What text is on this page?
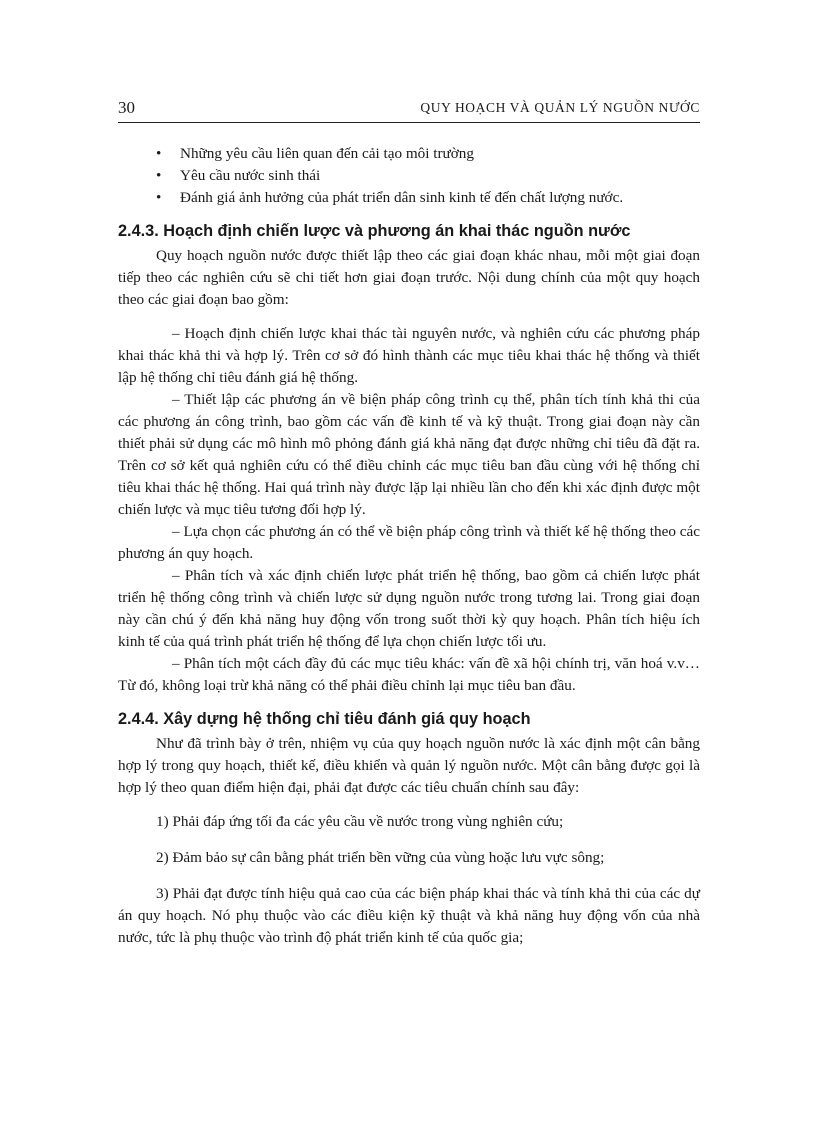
30	QUY HOẠCH VÀ QUẢN LÝ NGUỒN NƯỚC
• Những yêu cầu liên quan đến cải tạo môi trường
• Yêu cầu nước sinh thái
• Đánh giá ảnh hưởng của phát triển dân sinh kinh tế đến chất lượng nước.
2.4.3. Hoạch định chiến lược và phương án khai thác nguồn nước

Quy hoạch nguồn nước được thiết lập theo các giai đoạn khác nhau, mỗi một giai đoạn tiếp theo các nghiên cứu sẽ chi tiết hơn giai đoạn trước. Nội dung chính của một quy hoạch theo các giai đoạn bao gồm:

– Hoạch định chiến lược khai thác tài nguyên nước, và nghiên cứu các phương pháp khai thác khả thi và hợp lý. Trên cơ sở đó hình thành các mục tiêu khai thác hệ thống và thiết lập hệ thống chỉ tiêu đánh giá hệ thống.

– Thiết lập các phương án về biện pháp công trình cụ thể, phân tích tính khả thi của các phương án công trình, bao gồm các vấn đề kinh tế và kỹ thuật. Trong giai đoạn này cần thiết phải sử dụng các mô hình mô phỏng đánh giá khả năng đạt được những chỉ tiêu đã đặt ra. Trên cơ sở kết quả nghiên cứu có thể điều chỉnh các mục tiêu ban đầu cùng với hệ thống chỉ tiêu khai thác hệ thống. Hai quá trình này được lặp lại nhiều lần cho đến khi xác định được một chiến lược và mục tiêu tương đối hợp lý.

– Lựa chọn các phương án có thể về biện pháp công trình và thiết kế hệ thống theo các phương án quy hoạch.

– Phân tích và xác định chiến lược phát triển hệ thống, bao gồm cả chiến lược phát triển hệ thống công trình và chiến lược sử dụng nguồn nước trong tương lai. Trong giai đoạn này cần chú ý đến khả năng huy động vốn trong suốt thời kỳ quy hoạch. Phân tích hiệu ích kinh tế của quá trình phát triển hệ thống để lựa chọn chiến lược tối ưu.

– Phân tích một cách đầy đủ các mục tiêu khác: vấn đề xã hội chính trị, văn hoá v.v… Từ đó, không loại trừ khả năng có thể phải điều chỉnh lại mục tiêu ban đầu.

2.4.4. Xây dựng hệ thống chỉ tiêu đánh giá quy hoạch

Như đã trình bày ở trên, nhiệm vụ của quy hoạch nguồn nước là xác định một cân bằng hợp lý trong quy hoạch, thiết kế, điều khiển và quản lý nguồn nước. Một cân bằng được gọi là hợp lý theo quan điểm hiện đại, phải đạt được các tiêu chuẩn chính sau đây:

1) Phải đáp ứng tối đa các yêu cầu về nước trong vùng nghiên cứu;

2) Đảm bảo sự cân bằng phát triển bền vững của vùng hoặc lưu vực sông;

3) Phải đạt được tính hiệu quả cao của các biện pháp khai thác và tính khả thi của các dự án quy hoạch. Nó phụ thuộc vào các điều kiện kỹ thuật và khả năng huy động vốn của nhà nước, tức là phụ thuộc vào trình độ phát triển kinh tế của quốc gia;
